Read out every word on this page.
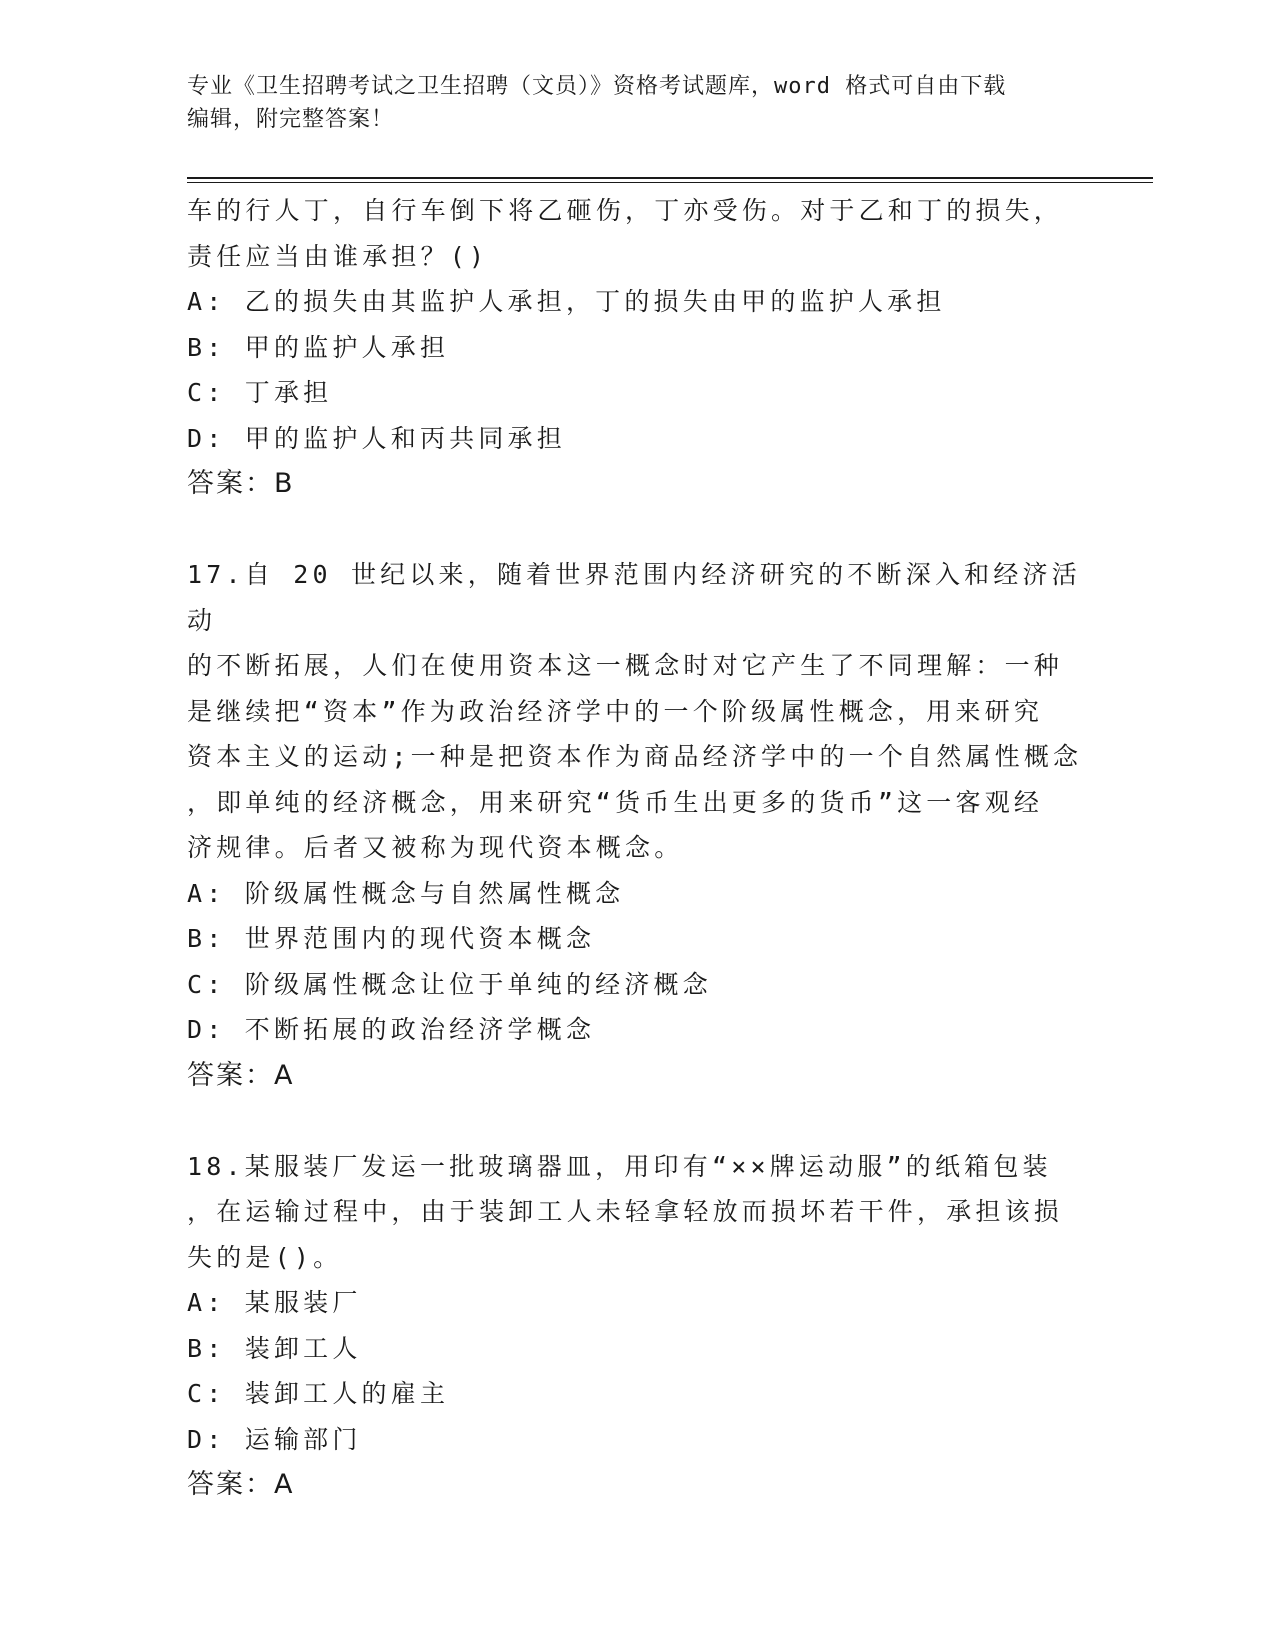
专业《卫生招聘考试之卫生招聘（文员）》资格考试题库，word 格式可自由下载
编辑，附完整答案！

车的行人丁，自行车倒下将乙砸伤，丁亦受伤。对于乙和丁的损失，

责任应当由谁承担？()

A: 乙的损失由其监护人承担，丁的损失由甲的监护人承担

B: 甲的监护人承担

C: 丁承担

D: 甲的监护人和丙共同承担

答案：B

17.自 20 世纪以来，随着世界范围内经济研究的不断深入和经济活动

的不断拓展，人们在使用资本这一概念时对它产生了不同理解：一种

是继续把“资本”作为政治经济学中的一个阶级属性概念，用来研究

资本主义的运动;一种是把资本作为商品经济学中的一个自然属性概念

，即单纯的经济概念，用来研究“货币生出更多的货币”这一客观经

济规律。后者又被称为现代资本概念。

A: 阶级属性概念与自然属性概念

B: 世界范围内的现代资本概念

C: 阶级属性概念让位于单纯的经济概念

D: 不断拓展的政治经济学概念

答案：A

18.某服装厂发运一批玻璃器皿，用印有“××牌运动服”的纸箱包装

，在运输过程中，由于装卸工人未轻拿轻放而损坏若干件，承担该损

失的是()。

A: 某服装厂

B: 装卸工人

C: 装卸工人的雇主

D: 运输部门

答案：A
